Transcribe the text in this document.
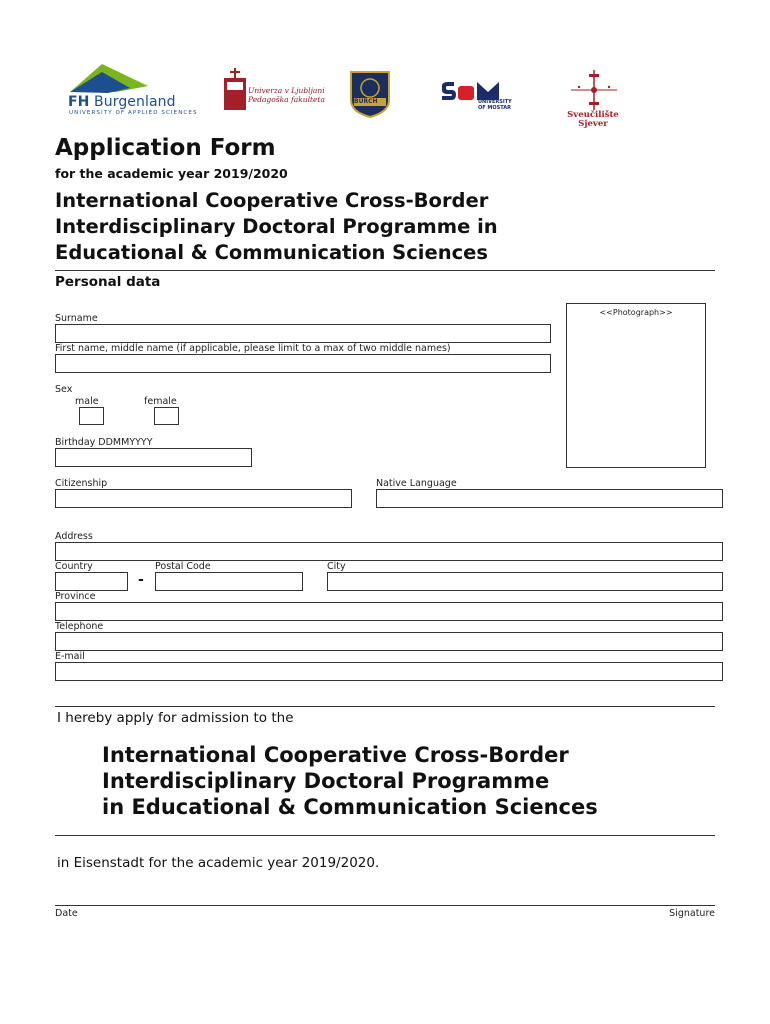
FH Burgenland
UNIVERSITY OF APPLIED SCIENCES
Univerza v Ljubljani
Pedagoška fakulteta	BURCH	UNIVERSITY
OF MOSTAR
Sveučilište
Sjever
Application Form
for the academic year 2019/2020
International Cooperative Cross-Border
Interdisciplinary Doctoral Programme in
Educational & Communication Sciences
Personal data
<<Photograph>>
Surname
First name, middle name (if applicable, please limit to a max of two middle names)
Sex
male	female
Birthday DDMMYYYY
Citizenship	Native Language
Address
Country
-
Postal Code	City
Province
Telephone
E-mail
I hereby apply for admission to the
International Cooperative Cross-Border
Interdisciplinary Doctoral Programme
in Educational & Communication Sciences
in Eisenstadt for the academic year 2019/2020.
Date	Signature
